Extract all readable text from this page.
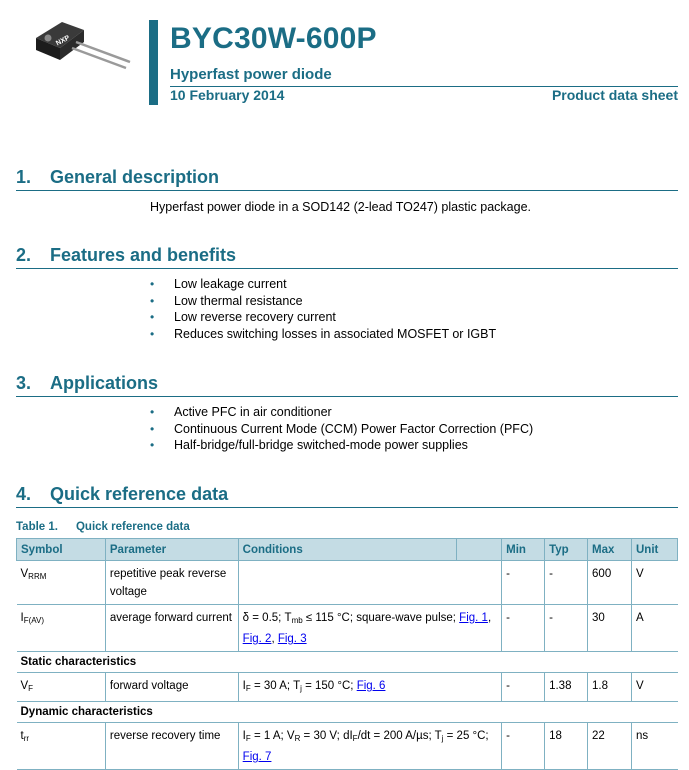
NXP	BYC30W-600P
Hyperfast power diode
10 February 2014	Product data sheet
1. General description
Hyperfast power diode in a SOD142 (2-lead TO247) plastic package.
2. Features and benefits
• Low leakage current
• Low thermal resistance
• Low reverse recovery current
• Reduces switching losses in associated MOSFET or IGBT
3. Applications
• Active PFC in air conditioner
• Continuous Current Mode (CCM) Power Factor Correction (PFC)
• Half-bridge/full-bridge switched-mode power supplies
4. Quick reference data
Table 1. Quick reference data
Symbol	Parameter	Conditions		Min	Typ	Max	Unit
$V_{RRM}$	repetitive peak reverse voltage			-	-	600	V
$I_{F(AV)}$	average forward current	δ = 0.5; $T_{mb} \le 115$ °C; square-wave pulse; Fig. 1, Fig. 2, Fig. 3		-	-	30	A
Static characteristics							
$V_F$	forward voltage	$I_F = 30$ A; $T_j = 150$ °C; Fig. 6		-	1.38	1.8	V
Dynamic characteristics							
$t_{rr}$	reverse recovery time	$I_F = 1$ A; $V_R = 30$ V; $dI_F/dt = 200$ A/µs; $T_j = 25$ °C; Fig. 7		-	18	22	ns
